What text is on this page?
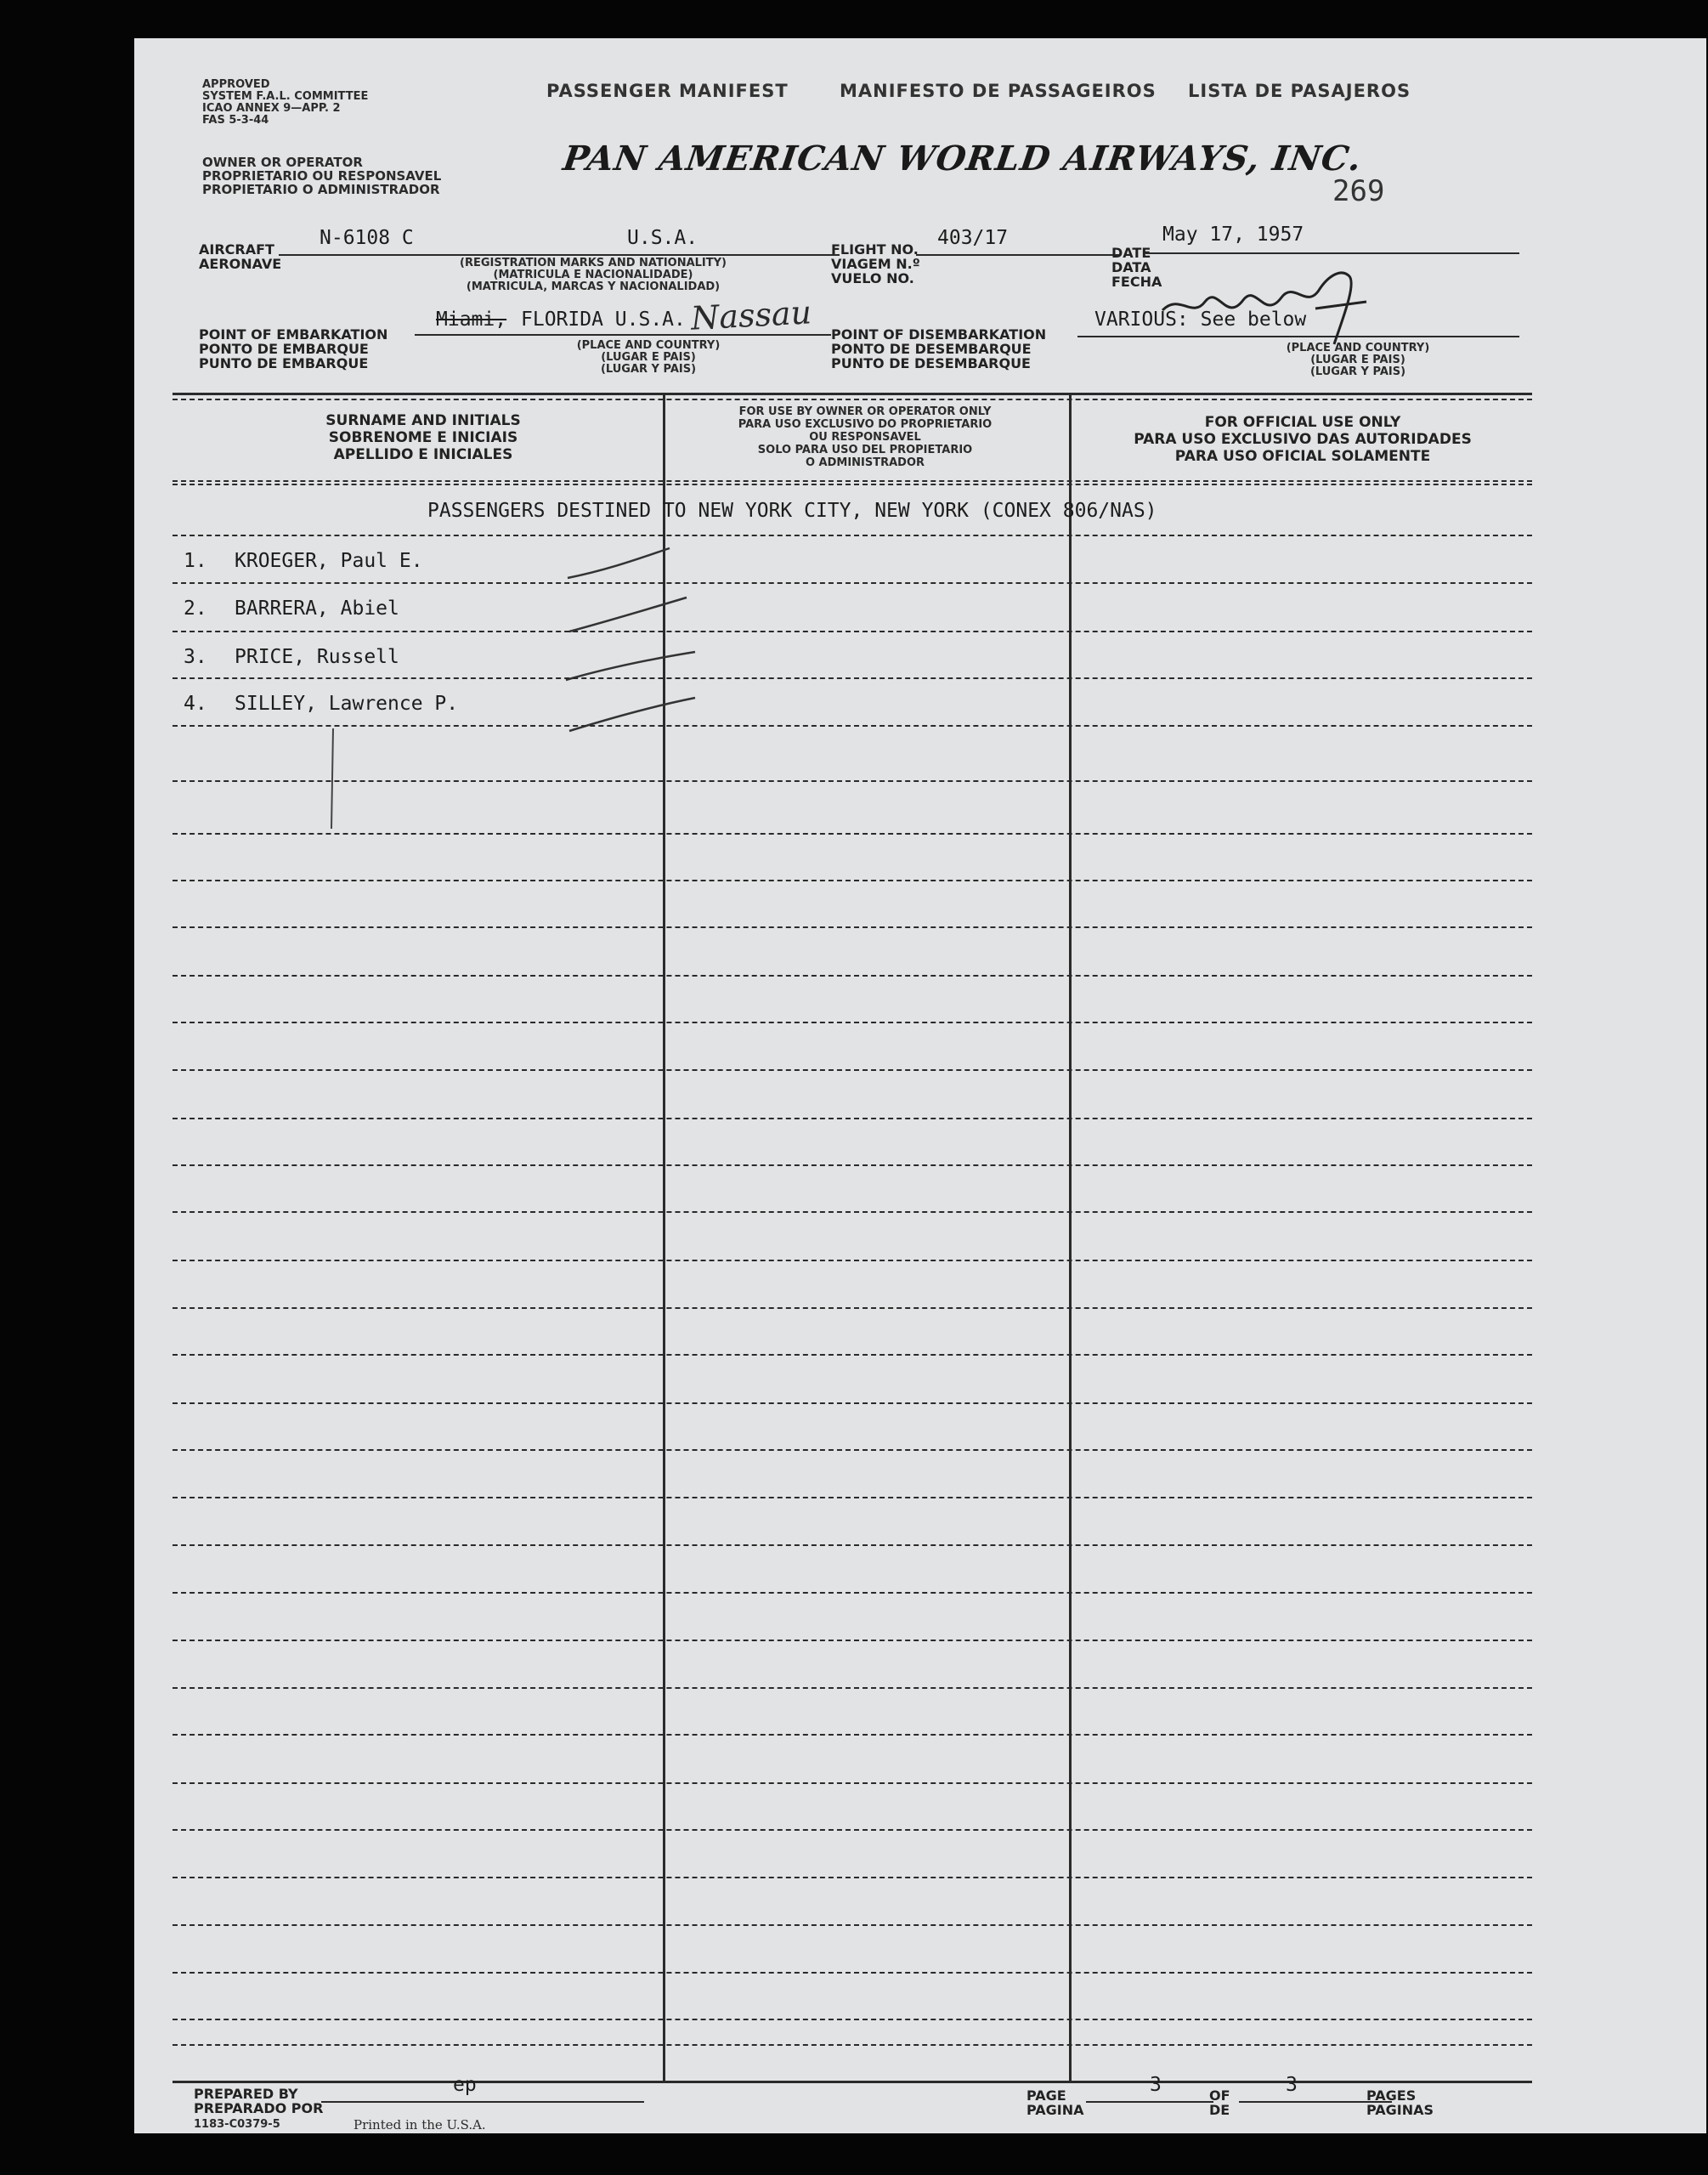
APPROVED
SYSTEM F.A.L. COMMITTEE
ICAO ANNEX 9—APP. 2
FAS 5-3-44
PASSENGER MANIFEST	MANIFESTO DE PASSAGEIROS LISTA DE PASAJEROS
OWNER OR OPERATOR
PROPRIETARIO OU RESPONSAVEL
PROPIETARIO O ADMINISTRADOR
PAN AMERICAN WORLD AIRWAYS, INC.
269
AIRCRAFT
AERONAVE
N-6108 C	U.S.A.
(REGISTRATION MARKS AND NATIONALITY)
(MATRICULA E NACIONALIDADE)
(MATRICULA, MARCAS Y NACIONALIDAD)
FLIGHT NO.
VIAGEM N.º
VUELO NO.
403/17
DATE
DATA
FECHA
May 17, 1957
POINT OF EMBARKATION
PONTO DE EMBARQUE
PUNTO DE EMBARQUE
Miami, FLORIDA U.S.A. Nassau
(PLACE AND COUNTRY)
(LUGAR E PAIS)
(LUGAR Y PAIS)
POINT OF DISEMBARKATION
PONTO DE DESEMBARQUE
PUNTO DE DESEMBARQUE
VARIOUS: See below
(PLACE AND COUNTRY)
(LUGAR E PAIS)
(LUGAR Y PAIS)
SURNAME AND INITIALS
SOBRENOME E INICIAIS
APELLIDO E INICIALES
FOR USE BY OWNER OR OPERATOR ONLY
PARA USO EXCLUSIVO DO PROPRIETARIO
OU RESPONSAVEL
SOLO PARA USO DEL PROPIETARIO
O ADMINISTRADOR
FOR OFFICIAL USE ONLY
PARA USO EXCLUSIVO DAS AUTORIDADES
PARA USO OFICIAL SOLAMENTE
PASSENGERS DESTINED TO NEW YORK CITY, NEW YORK (CONEX 806/NAS)
1. KROEGER, Paul E.
2. BARRERA, Abiel
3. PRICE, Russell
4. SILLEY, Lawrence P.
PREPARED BY
PREPARADO POR
ep
1183-C0379-5	Printed in the U.S.A.
PAGE
PAGINA
3	OF
DE
3	PAGES
PAGINAS
